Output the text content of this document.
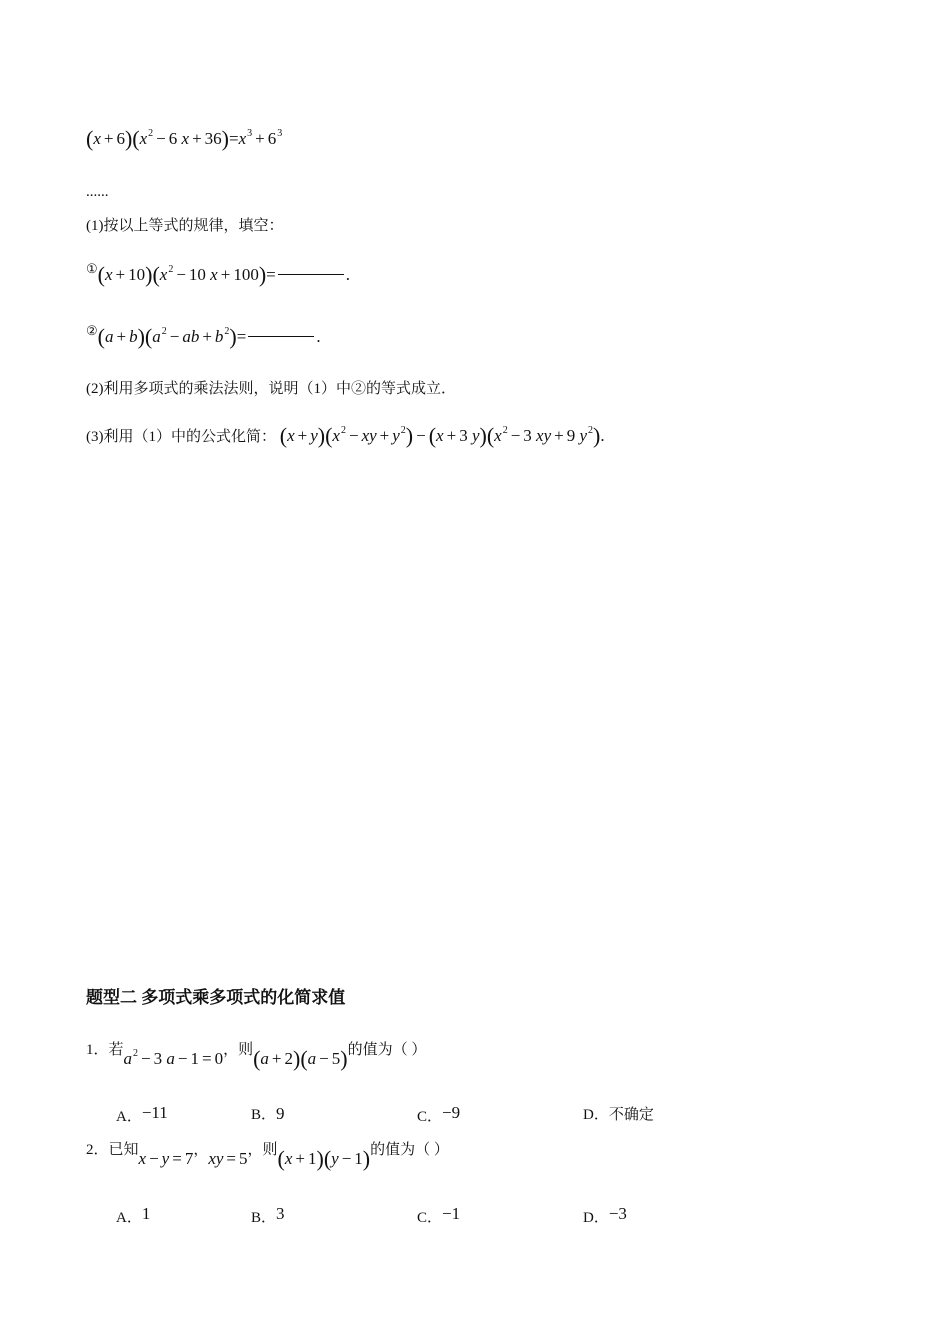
$(x + 6)(x^2 - 6$ $x + 36)=x^3 + 6^3$
......
(1)按以上等式的规律，填空：
$^①(x + 10)(x^2 - 10$ x + 100)=	.
$^②(a + b)(a^2$ − ab + $b^2)=$	.
(2)利用多项式的乘法法则，说明（1）中②的等式成立．
(3)利用（1）中的公式化简： $(x + y)(x^2$ − xy + $y^2) - (x + 3$ $y)(x^2 - 3$ xy + 9 $y^2$).
题型二 多项式乘多项式的化简求值
1．若$a^2 - 3$ a − 1 = 0，则(a + 2)(a − 5)的值为（ ）
A．−11	B．9	C．−9	D．不确定
2．已知x − y = 7，xy = 5，则(x + 1)(y − 1)的值为（ ）
A．1	B．3	C．−1	D．−3
